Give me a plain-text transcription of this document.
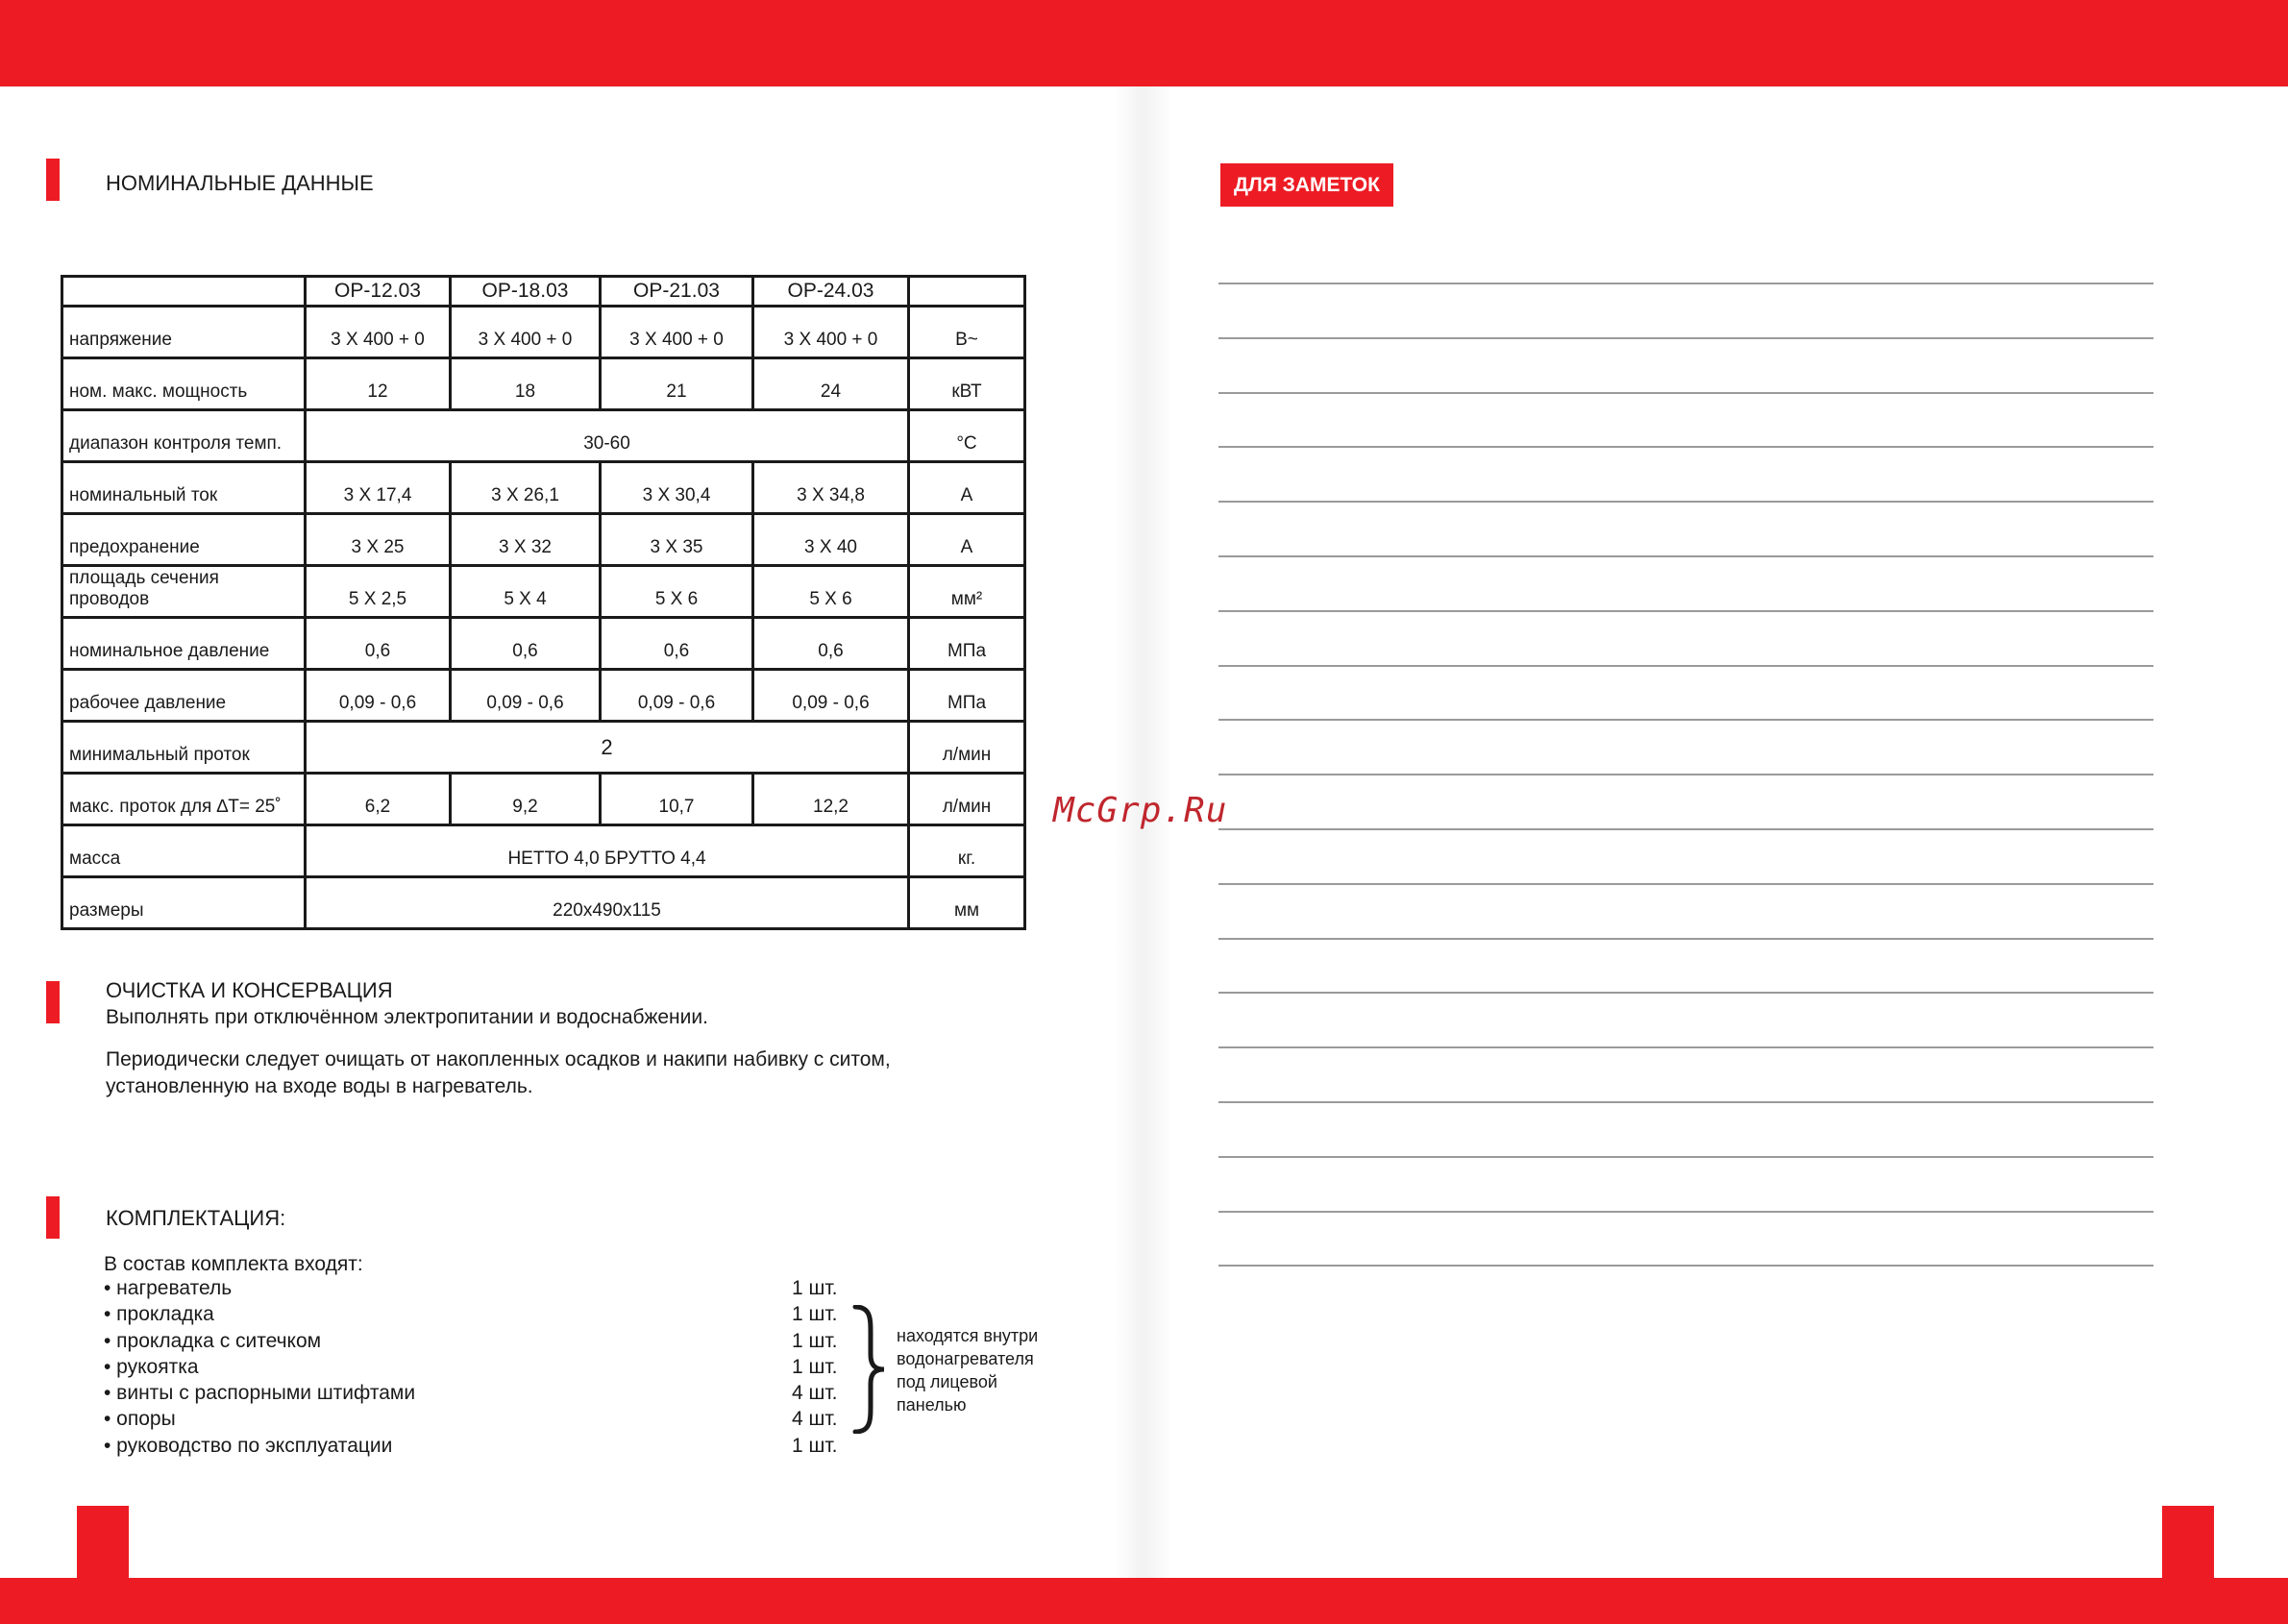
НОМИНАЛЬНЫЕ ДАННЫЕ
	OP-12.03	OP-18.03	OP-21.03	OP-24.03	
напряжение	3 X 400 + 0	3 X 400 + 0	3 X 400 + 0	3 X 400 + 0	В~
ном. макс. мощность	12	18	21	24	кВТ
диапазон контроля темп.	30-60				°C
номинальный ток	3 X 17,4	3 X 26,1	3 X 30,4	3 X 34,8	А
предохранение	3 X 25	3 X 32	3 X 35	3 X 40	А
площадь сечения проводов	5 X 2,5	5 X 4	5 X 6	5 X 6	мм²
номинальное давление	0,6	0,6	0,6	0,6	МПа
рабочее давление	0,09 - 0,6	0,09 - 0,6	0,09 - 0,6	0,09 - 0,6	МПа
минимальный проток	2				л/мин
макс. проток для ∆T= 25˚	6,2	9,2	10,7	12,2	л/мин
масса	НЕТТО 4,0 БРУТТО 4,4				кг.
размеры	220x490x115				мм
ОЧИСТКА И КОНСЕРВАЦИЯ
Выполнять при отключённом электропитании и водоснабжении.
Периодически следует очищать от накопленных осадков и накипи набивку с ситом,
установленную на входе воды в нагреватель.
КОМПЛЕКТАЦИЯ:
В состав комплекта входят:
• нагреватель	1 шт.
• прокладка	1 шт.
• прокладка с ситечком	1 шт.
• рукоятка	1 шт.
• винты с распорными штифтами	4 шт.
• опоры	4 шт.
• руководство по эксплуатации	1 шт.
находятся внутри
водонагревателя
под лицевой
панелью
McGrp.Ru
ДЛЯ ЗАМЕТОК
